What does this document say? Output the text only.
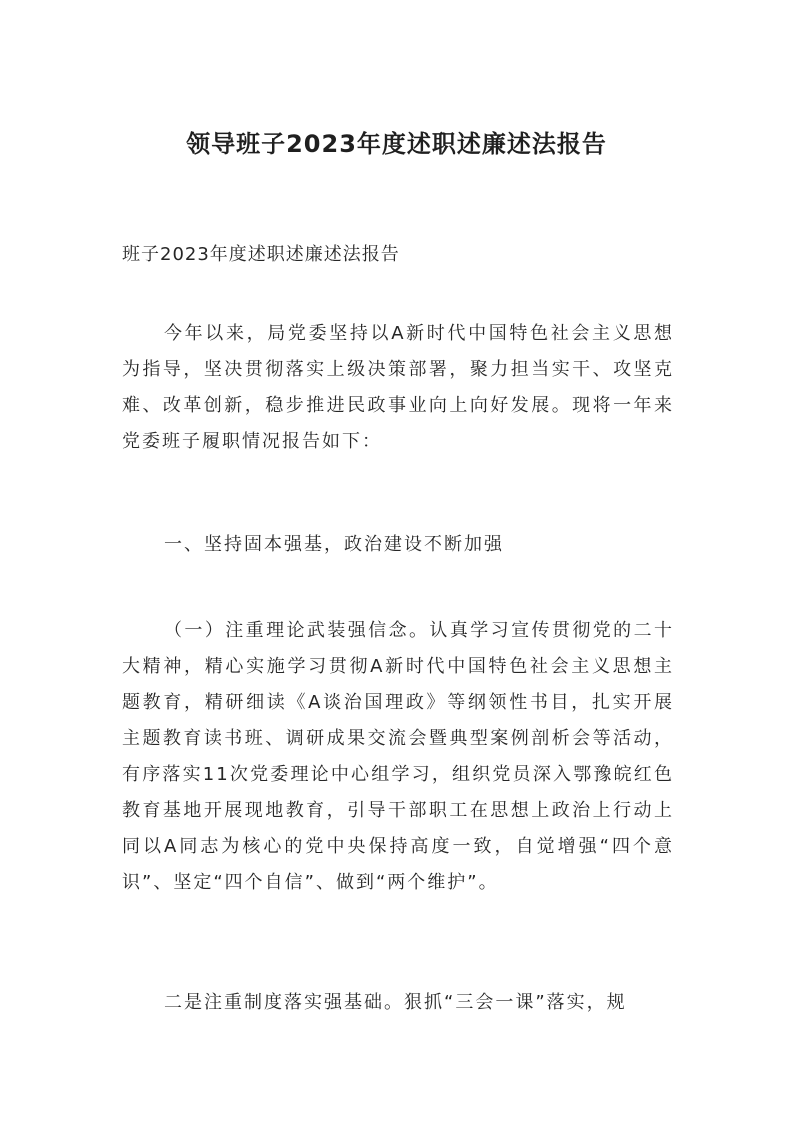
领导班子2023年度述职述廉述法报告
班子2023年度述职述廉述法报告

今年以来，局党委坚持以A新时代中国特色社会主义思想为指导，坚决贯彻落实上级决策部署，聚力担当实干、攻坚克难、改革创新，稳步推进民政事业向上向好发展。现将一年来党委班子履职情况报告如下：

一、坚持固本强基，政治建设不断加强

（一）注重理论武装强信念。认真学习宣传贯彻党的二十大精神，精心实施学习贯彻A新时代中国特色社会主义思想主题教育，精研细读《A谈治国理政》等纲领性书目，扎实开展主题教育读书班、调研成果交流会暨典型案例剖析会等活动，有序落实11次党委理论中心组学习，组织党员深入鄂豫皖红色教育基地开展现地教育，引导干部职工在思想上政治上行动上同以A同志为核心的党中央保持高度一致，自觉增强“四个意识”、坚定“四个自信”、做到“两个维护”。

二是注重制度落实强基础。狠抓“三会一课”落实，规
